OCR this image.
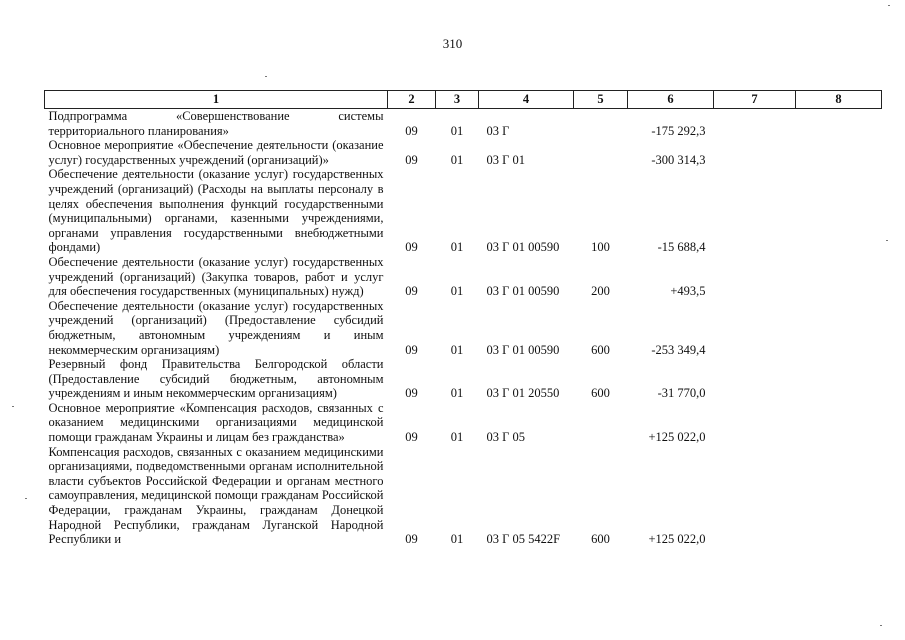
310
1	2	3	4	5	6	7	8
Подпрограмма «Совершенствование системы территориального планирования»	09	01	03 Г		-175 292,3		
Основное мероприятие «Обеспечение деятельности (оказание услуг) государственных учреждений (организаций)»	09	01	03 Г 01		-300 314,3		
Обеспечение деятельности (оказание услуг) государственных учреждений (организаций) (Расходы на выплаты персоналу в целях обеспечения выполнения функций государственными (муниципальными) органами, казенными учреждениями, органами управления государственными внебюджетными фондами)	09	01	03 Г 01 00590	100	-15 688,4		
Обеспечение деятельности (оказание услуг) государственных учреждений (организаций) (Закупка товаров, работ и услуг для обеспечения государственных (муниципальных) нужд)	09	01	03 Г 01 00590	200	+493,5		
Обеспечение деятельности (оказание услуг) государственных учреждений (организаций) (Предоставление субсидий бюджетным, автономным учреждениям и иным некоммерческим организациям)	09	01	03 Г 01 00590	600	-253 349,4		
Резервный фонд Правительства Белгородской области (Предоставление субсидий бюджетным, автономным учреждениям и иным некоммерческим организациям)	09	01	03 Г 01 20550	600	-31 770,0		
Основное мероприятие «Компенсация расходов, связанных с оказанием медицинскими организациями медицинской помощи гражданам Украины и лицам без гражданства»	09	01	03 Г 05		+125 022,0		
Компенсация расходов, связанных с оказанием медицинскими организациями, подведомственными органам исполнительной власти субъектов Российской Федерации и органам местного самоуправления, медицинской помощи гражданам Российской Федерации, гражданам Украины, гражданам Донецкой Народной Республики, гражданам Луганской Народной Республики и	09	01	03 Г 05 5422F	600	+125 022,0		
